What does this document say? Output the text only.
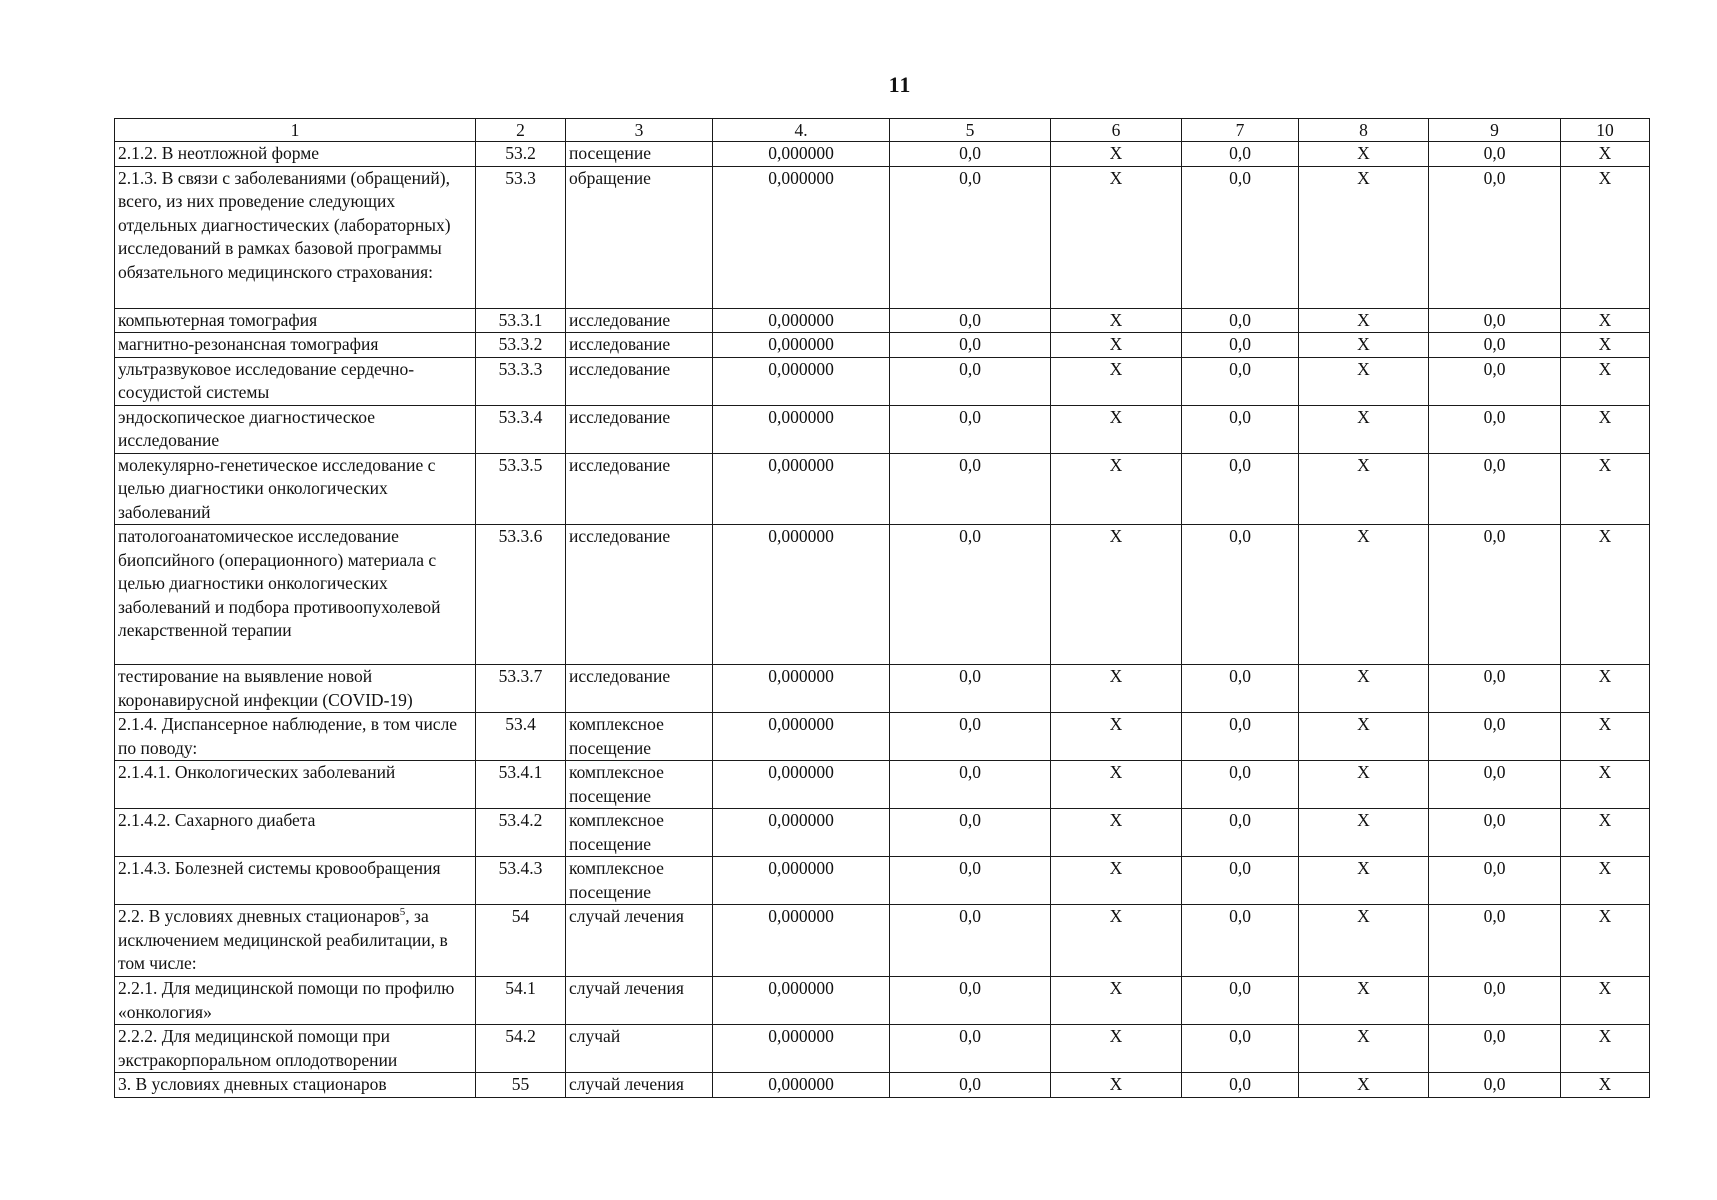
11
1	2	3	4.	5	6	7	8	9	10
2.1.2. В неотложной форме	53.2	посещение	0,000000	0,0	X	0,0	X	0,0	X
2.1.3. В связи с заболеваниями (обращений), всего, из них проведение следующих отдельных диагностических (лабораторных) исследований в рамках базовой программы обязательного медицинского страхования:	53.3	обращение	0,000000	0,0	X	0,0	X	0,0	X
компьютерная томография	53.3.1	исследование	0,000000	0,0	X	0,0	X	0,0	X
магнитно-резонансная томография	53.3.2	исследование	0,000000	0,0	X	0,0	X	0,0	X
ультразвуковое исследование сердечно-сосудистой системы	53.3.3	исследование	0,000000	0,0	X	0,0	X	0,0	X
эндоскопическое диагностическое исследование	53.3.4	исследование	0,000000	0,0	X	0,0	X	0,0	X
молекулярно-генетическое исследование с целью диагностики онкологических заболеваний	53.3.5	исследование	0,000000	0,0	X	0,0	X	0,0	X
патологоанатомическое исследование биопсийного (операционного) материала с целью диагностики онкологических заболеваний и подбора противоопухолевой лекарственной терапии	53.3.6	исследование	0,000000	0,0	X	0,0	X	0,0	X
тестирование на выявление новой коронавирусной инфекции (COVID-19)	53.3.7	исследование	0,000000	0,0	X	0,0	X	0,0	X
2.1.4. Диспансерное наблюдение, в том числе по поводу:	53.4	комплексное посещение	0,000000	0,0	X	0,0	X	0,0	X
2.1.4.1. Онкологических заболеваний	53.4.1	комплексное посещение	0,000000	0,0	X	0,0	X	0,0	X
2.1.4.2. Сахарного диабета	53.4.2	комплексное посещение	0,000000	0,0	X	0,0	X	0,0	X
2.1.4.3. Болезней системы кровообращения	53.4.3	комплексное посещение	0,000000	0,0	X	0,0	X	0,0	X
2.2. В условиях дневных стационаров$^5$, за исключением медицинской реабилитации, в том числе:	54	случай лечения	0,000000	0,0	X	0,0	X	0,0	X
2.2.1. Для медицинской помощи по профилю «онкология»	54.1	случай лечения	0,000000	0,0	X	0,0	X	0,0	X
2.2.2. Для медицинской помощи при экстракорпоральном оплодотворении	54.2	случай	0,000000	0,0	X	0,0	X	0,0	X
3. В условиях дневных стационаров	55	случай лечения	0,000000	0,0	X	0,0	X	0,0	X
